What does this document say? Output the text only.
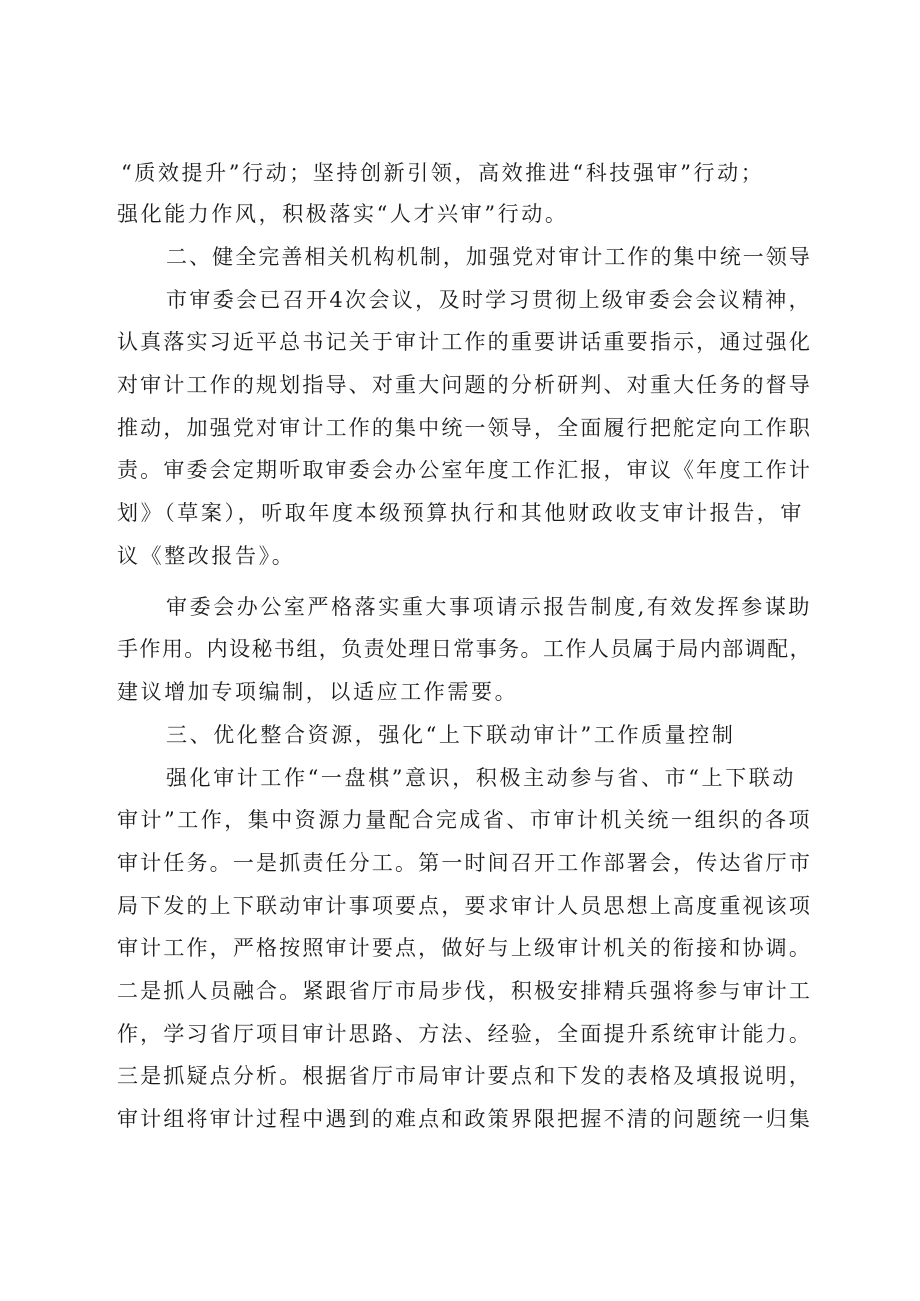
“质效提升”行动；坚持创新引领，高效推进“科技强审”行动；
强化能力作风，积极落实“人才兴审”行动。
二、健全完善相关机构机制，加强党对审计工作的集中统一领导
市审委会已召开4次会议，及时学习贯彻上级审委会会议精神，
认真落实习近平总书记关于审计工作的重要讲话重要指示，通过强化
对审计工作的规划指导、对重大问题的分析研判、对重大任务的督导
推动，加强党对审计工作的集中统一领导，全面履行把舵定向工作职
责。审委会定期听取审委会办公室年度工作汇报，审议《年度工作计
划》（草案），听取年度本级预算执行和其他财政收支审计报告，审
议《整改报告》。
审委会办公室严格落实重大事项请示报告制度,有效发挥参谋助
手作用。内设秘书组，负责处理日常事务。工作人员属于局内部调配，
建议增加专项编制，以适应工作需要。
三、优化整合资源，强化“上下联动审计”工作质量控制
强化审计工作“一盘棋”意识，积极主动参与省、市“上下联动
审计”工作，集中资源力量配合完成省、市审计机关统一组织的各项
审计任务。一是抓责任分工。第一时间召开工作部署会，传达省厅市
局下发的上下联动审计事项要点，要求审计人员思想上高度重视该项
审计工作，严格按照审计要点，做好与上级审计机关的衔接和协调。
二是抓人员融合。紧跟省厅市局步伐，积极安排精兵强将参与审计工
作，学习省厅项目审计思路、方法、经验，全面提升系统审计能力。
三是抓疑点分析。根据省厅市局审计要点和下发的表格及填报说明，
审计组将审计过程中遇到的难点和政策界限把握不清的问题统一归集
